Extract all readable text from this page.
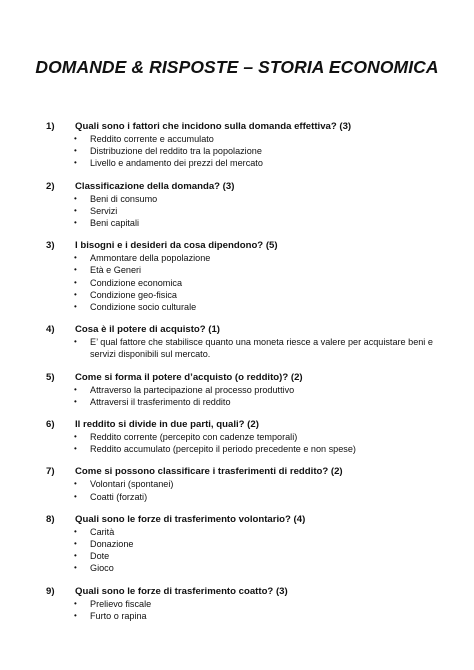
DOMANDE & RISPOSTE – STORIA ECONOMICA
1)	Quali sono i fattori che incidono sulla domanda effettiva? (3)
•	Reddito corrente e accumulato
•	Distribuzione del reddito tra la popolazione
•	Livello e andamento dei prezzi del mercato
2)	Classificazione della domanda? (3)
•	Beni di consumo
•	Servizi
•	Beni capitali
3)	I bisogni e i desideri da cosa dipendono? (5)
•	Ammontare della popolazione
•	Età e Generi
•	Condizione economica
•	Condizione geo-fisica
•	Condizione socio culturale
4)	Cosa è il potere di acquisto? (1)
•	E’ qual fattore che stabilisce quanto una moneta riesce a valere per acquistare beni e servizi disponibili sul mercato.
5)	Come si forma il potere d’acquisto (o reddito)? (2)
•	Attraverso la partecipazione al processo produttivo
•	Attraversi il trasferimento di reddito
6)	Il reddito si divide in due parti, quali? (2)
•	Reddito corrente (percepito con cadenze temporali)
•	Reddito accumulato (percepito il periodo precedente e non spese)
7)	Come si possono classificare i trasferimenti di reddito? (2)
•	Volontari (spontanei)
•	Coatti (forzati)
8)	Quali sono le forze di trasferimento volontario? (4)
•	Carità
•	Donazione
•	Dote
•	Gioco
9)	Quali sono le forze di trasferimento coatto? (3)
•	Prelievo fiscale
•	Furto o rapina
